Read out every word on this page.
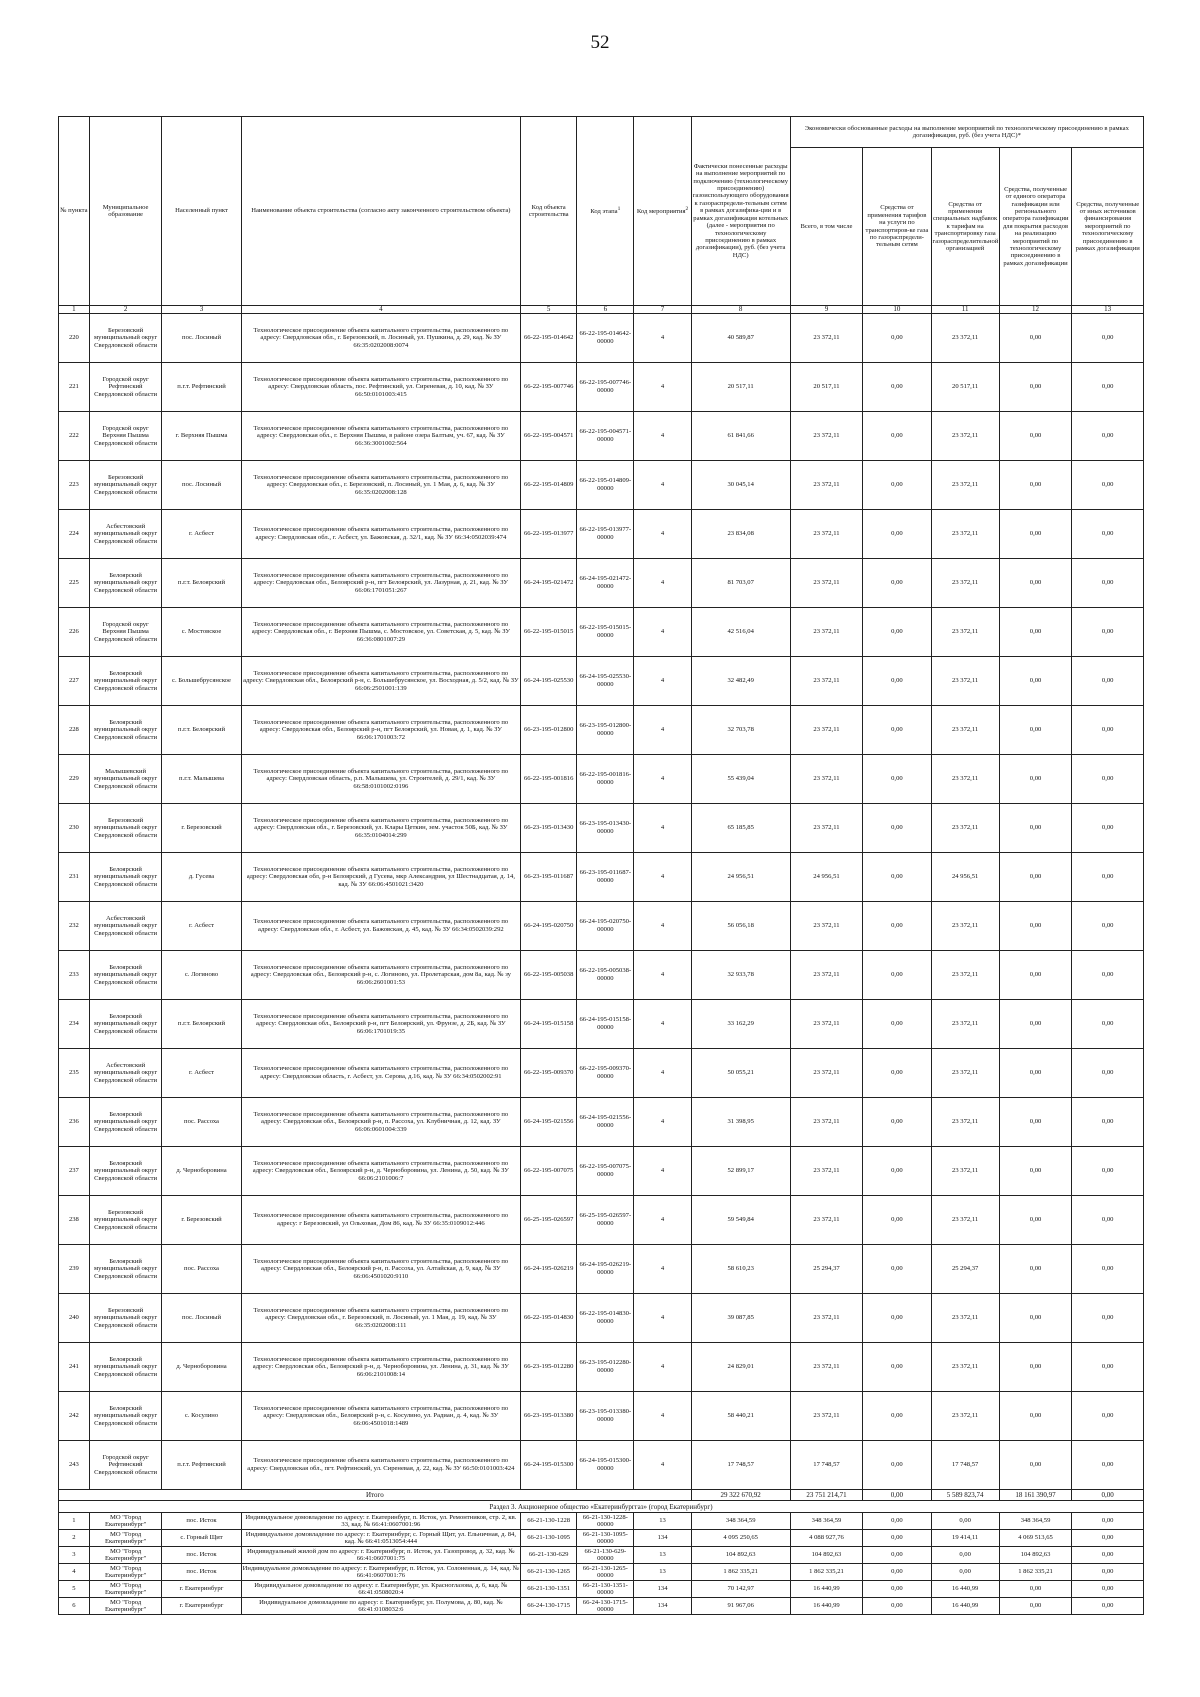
52
№ пункта	Муниципальное образование	Населенный пункт	Наименование объекта строительства (согласно акту законченного строительством объекта)	Код объекта строительства	Код этапа$^1$	Код мероприятия$^2$	Фактически понесенные расходы на выполнение мероприятий по подключению (технологическому присоединению) газоиспользующего оборудования к газораспредели-тельным сетям в рамках догазифика-ции и в рамках догазификация котельных (далее - мероприятия по технологическому присоединению в рамках догазификации), руб. (без учета НДС)	Экономически обоснованные расходы на выполнение мероприятий по технологическому присоединению в рамках догазификации, руб. (без учета НДС)*				
								Всего, в том числе	Средства от применения тарифов на услуги по транспортиров-ке газа по газораспредели-тельным сетям	Средства от применения специальных надбавок к тарифам на транспортировку газа газораспределительной организацией	Средства, полученные от единого оператора газификации или регионального оператора газификации для покрытия расходов на реализацию мероприятий по технологическому присоединению в рамках догазификации	Средства, полученные от иных источников финансирования мероприятий по технологическому присоединению в рамках догазификации
1	2	3	4	5	6	7	8	9	10	11	12	13
220	Березовский муниципальный округ Свердловской области	пос. Лосиный	Технологическое присоединение объекта капитального строительства, расположенного по адресу: Свердловская обл., г. Березовский, п. Лосиный, ул. Пушкина, д. 29, кад. № ЗУ 66:35:0202008:0074	66-22-195-014642	66-22-195-014642-00000	4	40 589,87	23 372,11	0,00	23 372,11	0,00	0,00
221	Городской округ Рефтинский Свердловской области	п.г.т. Рефтинский	Технологическое присоединение объекта капитального строительства, расположенного по адресу: Свердловская область, пос. Рефтинский, ул. Сиреневая, д. 10, кад. № ЗУ 66:50:0101003:415	66-22-195-007746	66-22-195-007746-00000	4	20 517,11	20 517,11	0,00	20 517,11	0,00	0,00
222	Городской округ Верхняя Пышма Свердловской области	г. Верхняя Пышма	Технологическое присоединение объекта капитального строительства, расположенного по адресу: Свердловская обл., г. Верхняя Пышма, в районе озера Балтым, уч. 67, кад. № ЗУ 66:36:3001002:564	66-22-195-004571	66-22-195-004571-00000	4	61 841,66	23 372,11	0,00	23 372,11	0,00	0,00
223	Березовский муниципальный округ Свердловской области	пос. Лосиный	Технологическое присоединение объекта капитального строительства, расположенного по адресу: Свердловская обл., г. Березовский, п. Лосиный, ул. 1 Мая, д. 6, кад. № ЗУ 66:35:0202008:128	66-22-195-014809	66-22-195-014809-00000	4	30 045,14	23 372,11	0,00	23 372,11	0,00	0,00
224	Асбестовский муниципальный округ Свердловской области	г. Асбест	Технологическое присоединение объекта капитального строительства, расположенного по адресу: Свердловская обл., г. Асбест, ул. Бажовская, д. 32/1, кад. № ЗУ 66:34:0502039:474	66-22-195-013977	66-22-195-013977-00000	4	23 834,08	23 372,11	0,00	23 372,11	0,00	0,00
225	Белоярский муниципальный округ Свердловской области	п.г.т. Белоярский	Технологическое присоединение объекта капитального строительства, расположенного по адресу: Свердловская обл., Белоярский р-н, пгт Белоярский, ул. Лазурная, д. 21, кад. № ЗУ 66:06:1701051:267	66-24-195-021472	66-24-195-021472-00000	4	81 703,07	23 372,11	0,00	23 372,11	0,00	0,00
226	Городской округ Верхняя Пышма Свердловской области	с. Мостовское	Технологическое присоединение объекта капитального строительства, расположенного по адресу: Свердловская обл., г. Верхняя Пышма, с. Мостовское, ул. Советская, д. 5, кад. № ЗУ 66:36:0801007:29	66-22-195-015015	66-22-195-015015-00000	4	42 516,04	23 372,11	0,00	23 372,11	0,00	0,00
227	Белоярский муниципальный округ Свердловской области	с. Большебрусянское	Технологическое присоединение объекта капитального строительства, расположенного по адресу: Свердловская обл., Белоярский р-н, с. Большебрусянское, ул. Восходная, д. 5/2, кад. № ЗУ 66:06:2501001:139	66-24-195-025530	66-24-195-025530-00000	4	32 482,49	23 372,11	0,00	23 372,11	0,00	0,00
228	Белоярский муниципальный округ Свердловской области	п.г.т. Белоярский	Технологическое присоединение объекта капитального строительства, расположенного по адресу: Свердловская обл., Белоярский р-н, пгт Белоярский, ул. Новая, д. 1, кад. № ЗУ 66:06:1701003:72	66-23-195-012800	66-23-195-012800-00000	4	32 703,78	23 372,11	0,00	23 372,11	0,00	0,00
229	Малышевский муниципальный округ Свердловской области	п.г.т. Малышева	Технологическое присоединение объекта капитального строительства, расположенного по адресу: Свердловская область, р.п. Малышева, ул. Строителей, д. 29/1, кад. № ЗУ 66:58:0101002:0196	66-22-195-001816	66-22-195-001816-00000	4	55 439,04	23 372,11	0,00	23 372,11	0,00	0,00
230	Березовский муниципальный округ Свердловской области	г. Березовский	Технологическое присоединение объекта капитального строительства, расположенного по адресу: Свердловская обл., г. Березовский, ул. Клары Цеткин, зем. участок 50Б, кад. № ЗУ 66:35:0104014:299	66-23-195-013430	66-23-195-013430-00000	4	65 185,85	23 372,11	0,00	23 372,11	0,00	0,00
231	Белоярский муниципальный округ Свердловской области	д. Гусева	Технологическое присоединение объекта капитального строительства, расположенного по адресу: Свердловская обл, р-н Белоярский, д Гусева, мкр Александрия, ул Шестнадцатая, д. 14, кад. № ЗУ 66:06:4501021:3420	66-23-195-011687	66-23-195-011687-00000	4	24 956,51	24 956,51	0,00	24 956,51	0,00	0,00
232	Асбестовский муниципальный округ Свердловской области	г. Асбест	Технологическое присоединение объекта капитального строительства, расположенного по адресу: Свердловская обл., г. Асбест, ул. Бажовская, д. 45, кад. № ЗУ 66:34:0502039:292	66-24-195-020750	66-24-195-020750-00000	4	56 056,18	23 372,11	0,00	23 372,11	0,00	0,00
233	Белоярский муниципальный округ Свердловской области	с. Логиново	Технологическое присоединение объекта капитального строительства, расположенного по адресу: Свердловская обл., Белоярский р-н, с. Логиново, ул. Пролетарская, дом 8а, кад. № зу 66:06:2601001:53	66-22-195-005038	66-22-195-005038-00000	4	32 933,78	23 372,11	0,00	23 372,11	0,00	0,00
234	Белоярский муниципальный округ Свердловской области	п.г.т. Белоярский	Технологическое присоединение объекта капитального строительства, расположенного по адресу: Свердловская обл., Белоярский р-н, пгт Белоярский, ул. Фрунзе, д. 2Б, кад. № ЗУ 66:06:1701019:35	66-24-195-015158	66-24-195-015158-00000	4	33 162,29	23 372,11	0,00	23 372,11	0,00	0,00
235	Асбестовский муниципальный округ Свердловской области	г. Асбест	Технологическое присоединение объекта капитального строительства, расположенного по адресу: Свердловская область, г. Асбест, ул. Серова, д.16, кад. № ЗУ 66:34:0502002:91	66-22-195-009370	66-22-195-009370-00000	4	50 055,21	23 372,11	0,00	23 372,11	0,00	0,00
236	Белоярский муниципальный округ Свердловской области	пос. Рассоха	Технологическое присоединение объекта капитального строительства, расположенного по адресу: Свердловская обл., Белоярский р-н, п. Рассоха, ул. Клубничная, д. 12, кад. ЗУ 66:06:0601004:339	66-24-195-021556	66-24-195-021556-00000	4	31 398,95	23 372,11	0,00	23 372,11	0,00	0,00
237	Белоярский муниципальный округ Свердловской области	д. Черноборовина	Технологическое присоединение объекта капитального строительства, расположенного по адресу: Свердловская обл., Белоярский р-н, д. Черноборовина, ул. Ленина, д. 50, кад. № ЗУ 66:06:2101006:7	66-22-195-007075	66-22-195-007075-00000	4	52 899,17	23 372,11	0,00	23 372,11	0,00	0,00
238	Березовский муниципальный округ Свердловской области	г. Березовский	Технологическое присоединение объекта капитального строительства, расположенного по адресу: г Березовский, ул Ольховая, Дом 86, кад. № ЗУ 66:35:0109012:446	66-25-195-026597	66-25-195-026597-00000	4	59 549,84	23 372,11	0,00	23 372,11	0,00	0,00
239	Белоярский муниципальный округ Свердловской области	пос. Рассоха	Технологическое присоединение объекта капитального строительства, расположенного по адресу: Свердловская обл., Белоярский р-н, п. Рассоха, ул. Алтайская, д. 9, кад. № ЗУ 66:06:4501020:9110	66-24-195-026219	66-24-195-026219-00000	4	58 610,23	25 294,37	0,00	25 294,37	0,00	0,00
240	Березовский муниципальный округ Свердловской области	пос. Лосиный	Технологическое присоединение объекта капитального строительства, расположенного по адресу: Свердловская обл., г. Березовский, п. Лосиный, ул. 1 Мая, д. 19, кад. № ЗУ 66:35:0202008:111	66-22-195-014830	66-22-195-014830-00000	4	39 087,85	23 372,11	0,00	23 372,11	0,00	0,00
241	Белоярский муниципальный округ Свердловской области	д. Черноборовина	Технологическое присоединение объекта капитального строительства, расположенного по адресу: Свердловская обл., Белоярский р-н, д. Черноборовина, ул. Ленина, д. 31, кад. № ЗУ 66:06:2101008:14	66-23-195-012280	66-23-195-012280-00000	4	24 829,01	23 372,11	0,00	23 372,11	0,00	0,00
242	Белоярский муниципальный округ Свердловской области	с. Косулино	Технологическое присоединение объекта капитального строительства, расположенного по адресу: Свердловская обл., Белоярский р-н, с. Косулино, ул. Радиан, д. 4, кад. № ЗУ 66:06:4501018:1489	66-23-195-013380	66-23-195-013380-00000	4	58 440,21	23 372,11	0,00	23 372,11	0,00	0,00
243	Городской округ Рефтинский Свердловской области	п.г.т. Рефтинский	Технологическое присоединение объекта капитального строительства, расположенного по адресу: Свердловская обл., пгт. Рефтинский, ул. Сиреневая, д. 22, кад. № ЗУ 66:50:0101003:424	66-24-195-015300	66-24-195-015300-00000	4	17 748,57	17 748,57	0,00	17 748,57	0,00	0,00
Итого							29 322 670,92	23 751 214,71	0,00	5 589 823,74	18 161 390,97	0,00
Раздел 3. Акционерное общество «Екатеринбурггаз» (город Екатеринбург)												
1	МО "Город Екатеринбург"	пос. Исток	Индивидуальное домовладение по адресу: г. Екатеринбург, п. Исток, ул. Ремонтников, стр. 2, кв. 33, кад. № 66:41:0607001:96	66-21-130-1228	66-21-130-1228-00000	13	348 364,59	348 364,59	0,00	0,00	348 364,59	0,00
2	МО "Город Екатеринбург"	с. Горный Щит	Индивидуальное домовладение по адресу: г. Екатеринбург, с. Горный Щит, ул. Ельничная, д. 84, кад. № 66:41:0513054:444	66-21-130-1095	66-21-130-1095-00000	134	4 095 250,65	4 088 927,76	0,00	19 414,11	4 069 513,65	0,00
3	МО "Город Екатеринбург"	пос. Исток	Индивидуальный жилой дом по адресу: г. Екатеринбург, п. Исток, ул. Газопровод, д. 32, кад. № 66:41:0607001:75	66-21-130-629	66-21-130-629-00000	13	104 892,63	104 892,63	0,00	0,00	104 892,63	0,00
4	МО "Город Екатеринбург"	пос. Исток	Индивидуальное домовладение по адресу: г. Екатеринбург, п. Исток, ул. Солоненная, д. 14, кад. № 66:41:0607001:76	66-21-130-1265	66-21-130-1265-00000	13	1 862 335,21	1 862 335,21	0,00	0,00	1 862 335,21	0,00
5	МО "Город Екатеринбург"	г. Екатеринбург	Индивидуальное домовладение по адресу: г. Екатеринбург, ул. Красноглазова, д. 6, кад. № 66:41:0508020:4	66-21-130-1351	66-21-130-1351-00000	134	70 142,97	16 440,99	0,00	16 440,99	0,00	0,00
6	МО "Город Екатеринбург"	г. Екатеринбург	Индивидуальное домовладение по адресу: г. Екатеринбург, ул. Полумова, д. 80, кад. № 66:41:0108032:6	66-24-130-1715	66-24-130-1715-00000	134	91 967,06	16 440,99	0,00	16 440,99	0,00	0,00
